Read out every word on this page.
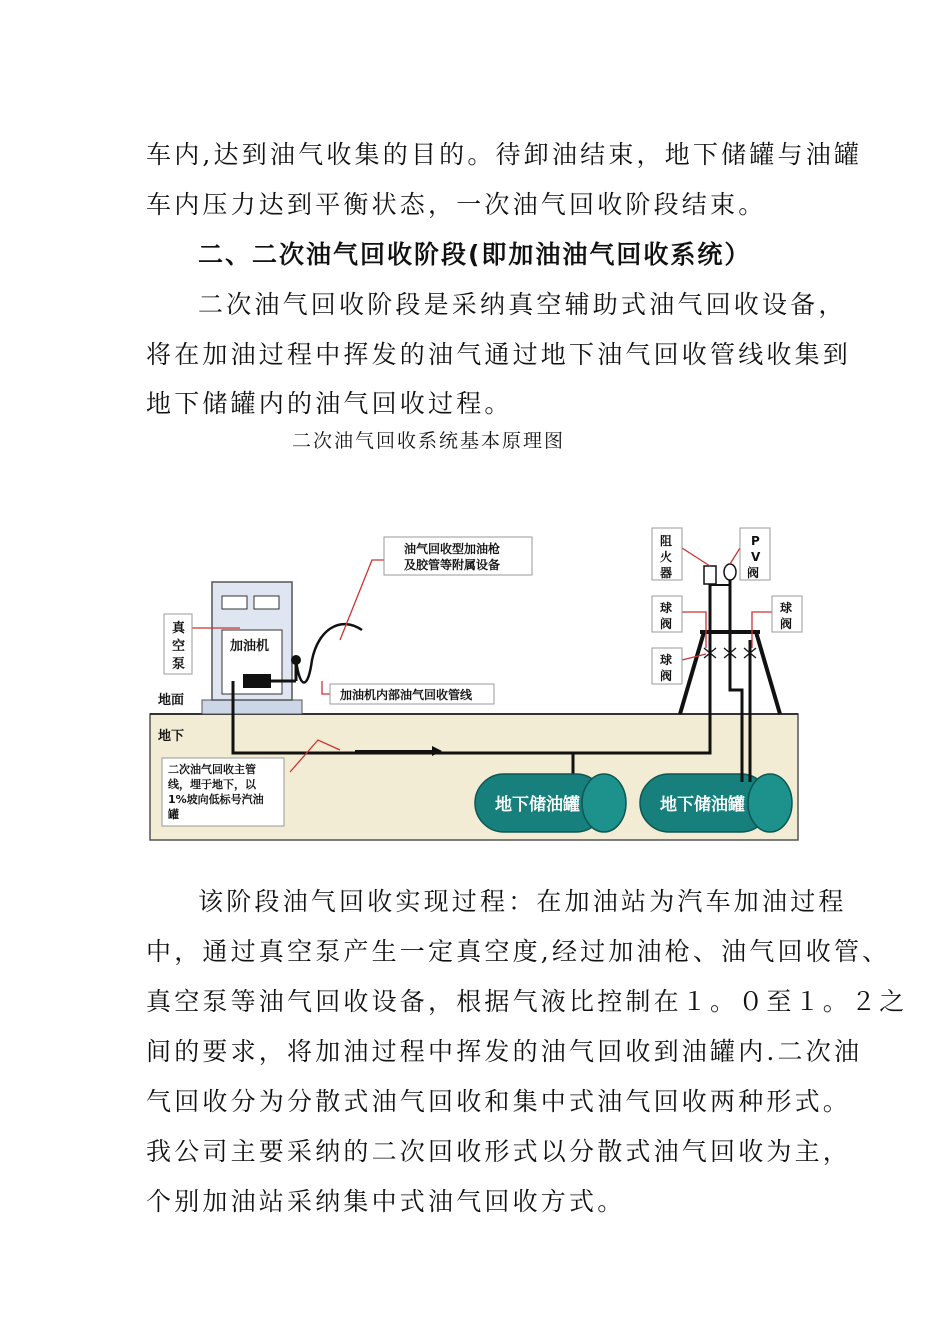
车内,达到油气收集的目的。待卸油结束，地下储罐与油罐
车内压力达到平衡状态，一次油气回收阶段结束。
二、二次油气回收阶段(即加油油气回收系统）
二次油气回收阶段是采纳真空辅助式油气回收设备，
将在加油过程中挥发的油气通过地下油气回收管线收集到
地下储罐内的油气回收过程。
二次油气回收系统基本原理图
加油机
地下储油罐	地下储油罐
油气回收型加油枪
及胶管等附属设备
真
空
泵
地面
地下
加油机内部油气回收管线
二次油气回收主管
线，埋于地下，以
1%坡向低标号汽油
罐
阻
火
器
P
V
阀
球
阀
球
阀
球
阀
该阶段油气回收实现过程：在加油站为汽车加油过程
中，通过真空泵产生一定真空度,经过加油枪、油气回收管、
真空泵等油气回收设备，根据气液比控制在１。０至１。２之
间的要求，将加油过程中挥发的油气回收到油罐内.二次油
气回收分为分散式油气回收和集中式油气回收两种形式。
我公司主要采纳的二次回收形式以分散式油气回收为主，
个别加油站采纳集中式油气回收方式。
